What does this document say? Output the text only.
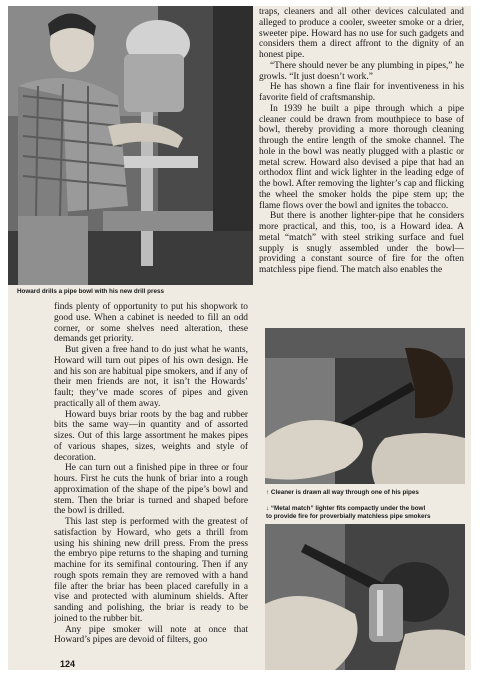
Howard drills a pipe bowl with his new drill press

finds plenty of opportunity to put his shopwork to good use. When a cabinet is needed to fill an odd corner, or some shelves need alteration, these demands get priority.

But given a free hand to do just what he wants, Howard will turn out pipes of his own design. He and his son are habitual pipe smokers, and if any of their men friends are not, it isn’t the Howards’ fault; they’ve made scores of pipes and given practically all of them away.

Howard buys briar roots by the bag and rubber bits the same way—in quantity and of assorted sizes. Out of this large assortment he makes pipes of various shapes, sizes, weights and style of decoration.

He can turn out a finished pipe in three or four hours. First he cuts the hunk of briar into a rough approximation of the shape of the pipe’s bowl and stem. Then the briar is turned and shaped before the bowl is drilled.

This last step is performed with the greatest of satisfaction by Howard, who gets a thrill from using his shining new drill press. From the press the embryo pipe returns to the shaping and turning machine for its semifinal contouring. Then if any rough spots remain they are removed with a hand file after the briar has been placed carefully in a vise and protected with aluminum shields. After sanding and polishing, the briar is ready to be joined to the rubber bit.

Any pipe smoker will note at once that Howard’s pipes are devoid of filters, goo

traps, cleaners and all other devices calculated and alleged to produce a cooler, sweeter smoke or a drier, sweeter pipe. Howard has no use for such gadgets and considers them a direct affront to the dignity of an honest pipe.

“There should never be any plumbing in pipes,” he growls. “It just doesn’t work.”

He has shown a fine flair for inventiveness in his favorite field of craftsmanship.

In 1939 he built a pipe through which a pipe cleaner could be drawn from mouthpiece to base of bowl, thereby providing a more thorough cleaning through the entire length of the smoke channel. The hole in the bowl was neatly plugged with a plastic or metal screw. Howard also devised a pipe that had an orthodox flint and wick lighter in the leading edge of the bowl. After removing the lighter’s cap and flicking the wheel the smoker holds the pipe stem up; the flame flows over the bowl and ignites the tobacco.

But there is another lighter-pipe that he considers more practical, and this, too, is a Howard idea. A metal “match” with steel striking surface and fuel supply is snugly assembled under the bowl—providing a constant source of fire for the often matchless pipe fiend. The match also enables the

↑ Cleaner is drawn all way through one of his pipes
↓ “Metal match” lighter fits compactly under the bowl
to provide fire for proverbially matchless pipe smokers
124
